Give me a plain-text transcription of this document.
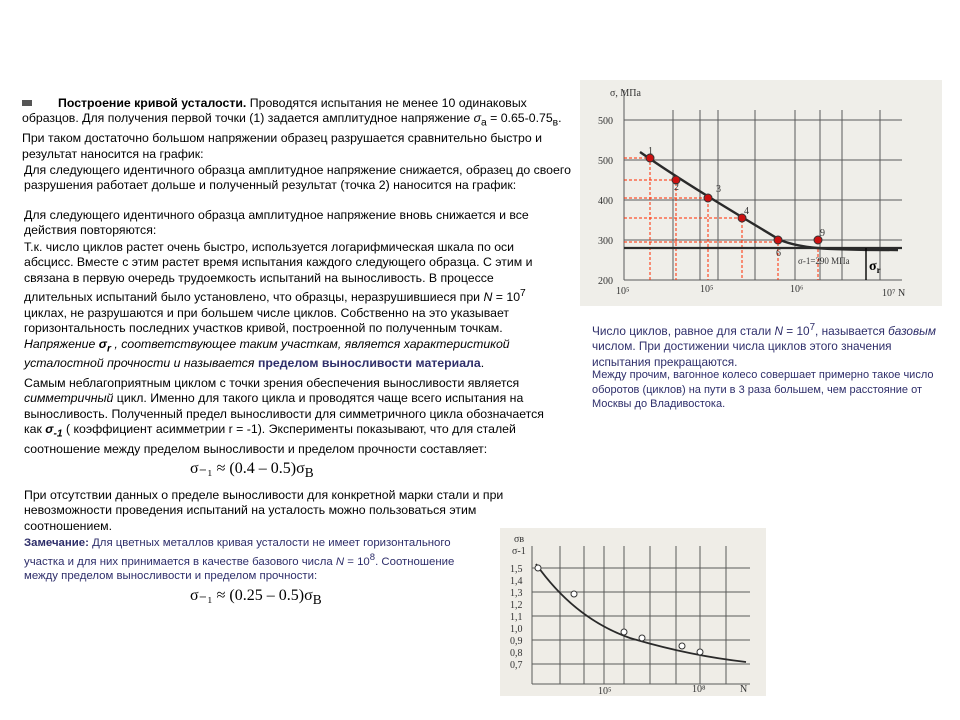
Построение кривой усталости. Проводятся испытания не менее 10 одинаковых образцов. Для получения первой точки (1) задается амплитудное напряжение $\sigma_a = 0.65-0.75_в$. При таком достаточно большом напряжении образец разрушается сравнительно быстро и результат наносится на график:
Для следующего идентичного образца амплитудное напряжение снижается, образец до своего разрушения работает дольше и полученный результат (точка 2) наносится на график:
Для следующего идентичного образца амплитудное напряжение вновь снижается и все действия повторяются:
Т.к. число циклов растет очень быстро, используется логарифмическая шкала по оси абсцисс. Вместе с этим растет время испытания каждого следующего образца. С этим и связана в первую очередь трудоемкость испытаний на выносливость. В процессе длительных испытаний было установлено, что образцы, неразрушившиеся при $N = 10^7$ циклах, не разрушаются и при большем числе циклов. Собственно на это указывает горизонтальность последних участков кривой, построенной по полученным точкам. Напряжение $\sigma_r$ , соответствующее таким участкам, является характеристикой усталостной прочности и называется пределом выносливости материала.
Самым неблагоприятным циклом с точки зрения обеспечения выносливости является симметричный цикл. Именно для такого цикла и проводятся чаще всего испытания на выносливость. Полученный предел выносливости для симметричного цикла обозначается как $\sigma_{-1}$ ( коэффициент асимметрии r = -1). Эксперименты показывают, что для сталей соотношение между пределом выносливости и пределом прочности составляет:
$\sigma_{-1} \approx (0.4 - 0.5)\sigma_B$
При отсутствии данных о пределе выносливости для конкретной марки стали и при невозможности проведения испытаний на усталость можно пользоваться этим соотношением.
Замечание: Для цветных металлов кривая усталости не имеет горизонтального участка и для них принимается в качестве базового числа $N = 10^8$. Соотношение между пределом выносливости и пределом прочности:
$\sigma_{-1} \approx (0.25 - 0.5)\sigma_B$
Число циклов, равное для стали $N = 10^7$, называется базовым числом. При достижении числа циклов этого значения испытания прекращаются.
Между прочим, вагонное колесо совершает примерно такое число оборотов (циклов) на пути в 3 раза большем, чем расстояние от Москвы до Владивостока.
σ, МПа
500
500
400
300
200
10⁵	10⁵	10⁶	10⁷ N
σ-1=290 МПа
1
2	3
4
6
9
$\sigma_r$
σв
σ-1
1,5
1,3
1,1
0,9
0,7
1,4
1,2
1,0
0,8
10⁵	10⁸	N
